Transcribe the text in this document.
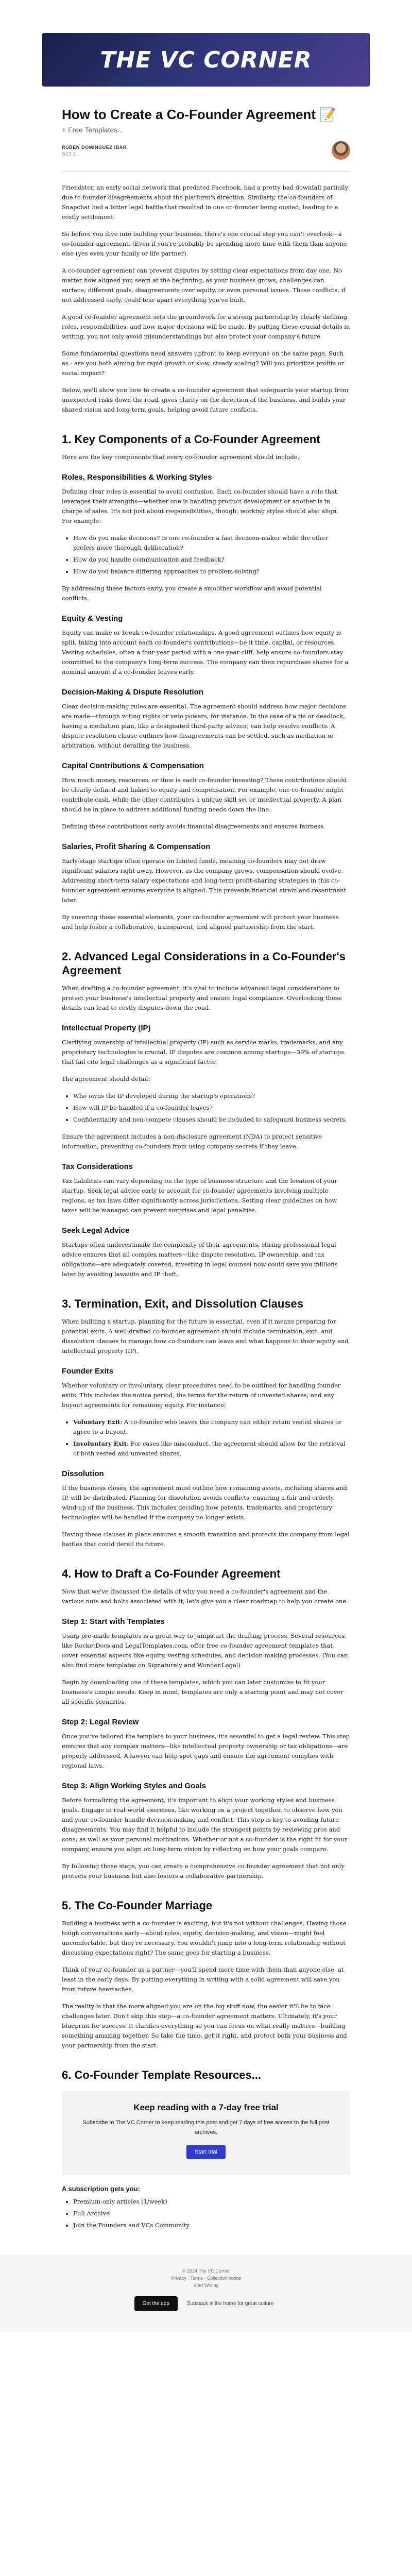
THE VC CORNER
How to Create a Co-Founder Agreement 📝
+ Free Templates...
RUBEN DOMINGUEZ IBAR
OCT 1

Friendster, an early social network that predated Facebook, had a pretty bad downfall partially due to founder disagreements about the platform's direction. Similarly, the co-founders of Snapchat had a bitter legal battle that resulted in one co-founder being ousted, leading to a costly settlement.

So before you dive into building your business, there's one crucial step you can't overlook—a co-founder agreement. (Even if you're probably be spending more time with them than anyone else (yes even your family or life partner).

A co-founder agreement can prevent disputes by setting clear expectations from day one. No matter how aligned you seem at the beginning, as your business grows, challenges can surface; different goals, disagreements over equity, or even personal issues. These conflicts, if not addressed early, could tear apart everything you've built.

A good co-founder agreement sets the groundwork for a strong partnership by clearly defining roles, responsibilities, and how major decisions will be made. By putting these crucial details in writing, you not only avoid misunderstandings but also protect your company's future.

Some fundamental questions need answers upfront to keep everyone on the same page. Such as - are you both aiming for rapid growth or slow, steady scaling? Will you prioritize profits or social impact?

Below, we'll show you how to create a co-founder agreement that safeguards your startup from unexpected risks down the road, gives clarity on the direction of the business, and builds your shared vision and long-term goals, helping avoid future conflicts.

1. Key Components of a Co-Founder Agreement

Here are the key components that every co-founder agreement should include.

Roles, Responsibilities & Working Styles

Defining clear roles is essential to avoid confusion. Each co-founder should have a role that leverages their strengths—whether one is handling product development or another is in charge of sales. It's not just about responsibilities, though; working styles should also align. For example:

• How do you make decisions? Is one co-founder a fast decision-maker while the other prefers more thorough deliberation?
• How do you handle communication and feedback?
• How do you balance differing approaches to problem-solving?

By addressing these factors early, you create a smoother workflow and avoid potential conflicts.

Equity & Vesting

Equity can make or break co-founder relationships. A good agreement outlines how equity is split, taking into account each co-founder's contributions—be it time, capital, or resources. Vesting schedules, often a four-year period with a one-year cliff, help ensure co-founders stay committed to the company's long-term success. The company can then repurchase shares for a nominal amount if a co-founder leaves early.

Decision-Making & Dispute Resolution

Clear decision-making rules are essential. The agreement should address how major decisions are made—through voting rights or veto powers, for instance. In the case of a tie or deadlock, having a mediation plan, like a designated third-party advisor, can help resolve conflicts. A dispute resolution clause outlines how disagreements can be settled, such as mediation or arbitration, without derailing the business.

Capital Contributions & Compensation

How much money, resources, or time is each co-founder investing? These contributions should be clearly defined and linked to equity and compensation. For example, one co-founder might contribute cash, while the other contributes a unique skill set or intellectual property. A plan should be in place to address additional funding needs down the line.

Defining these contributions early avoids financial disagreements and ensures fairness.

Salaries, Profit Sharing & Compensation

Early-stage startups often operate on limited funds, meaning co-founders may not draw significant salaries right away. However, as the company grows, compensation should evolve. Addressing short-term salary expectations and long-term profit-sharing strategies in this co-founder agreement ensures everyone is aligned. This prevents financial strain and resentment later.

By covering these essential elements, your co-founder agreement will protect your business and help foster a collaborative, transparent, and aligned partnership from the start.

2. Advanced Legal Considerations in a Co-Founder's Agreement

When drafting a co-founder agreement, it's vital to include advanced legal considerations to protect your business's intellectual property and ensure legal compliance. Overlooking these details can lead to costly disputes down the road.

Intellectual Property (IP)

Clarifying ownership of intellectual property (IP) such as service marks, trademarks, and any proprietary technologies is crucial. IP disputes are common among startups—39% of startups that fail cite legal challenges as a significant factor.

The agreement should detail:

• Who owns the IP developed during the startup's operations?
• How will IP be handled if a co-founder leaves?
• Confidentiality and non-compete clauses should be included to safeguard business secrets.

Ensure the agreement includes a non-disclosure agreement (NDA) to protect sensitive information, preventing co-founders from using company secrets if they leave.

Tax Considerations

Tax liabilities can vary depending on the type of business structure and the location of your startup. Seek legal advice early to account for co-founder agreements involving multiple regions, as tax laws differ significantly across jurisdictions. Setting clear guidelines on how taxes will be managed can prevent surprises and legal penalties.

Seek Legal Advice

Startups often underestimate the complexity of their agreements. Hiring professional legal advice ensures that all complex matters—like dispute resolution, IP ownership, and tax obligations—are adequately covered, investing in legal counsel now could save you millions later by avoiding lawsuits and IP theft.

3. Termination, Exit, and Dissolution Clauses

When building a startup, planning for the future is essential, even if it means preparing for potential exits. A well-drafted co-founder agreement should include termination, exit, and dissolution clauses to manage how co-founders can leave and what happens to their equity and intellectual property (IP).

Founder Exits

Whether voluntary or involuntary, clear procedures need to be outlined for handling founder exits. This includes the notice period, the terms for the return of unvested shares, and any buyout agreements for remaining equity. For instance:

• Voluntary Exit: A co-founder who leaves the company can either retain vested shares or agree to a buyout.
• Involuntary Exit: For cases like misconduct, the agreement should allow for the retrieval of both vested and unvested shares.
Dissolution

If the business closes, the agreement must outline how remaining assets, including shares and IP, will be distributed. Planning for dissolution avoids conflicts, ensuring a fair and orderly wind-up of the business. This includes deciding how patents, trademarks, and proprietary technologies will be handled if the company no longer exists.

Having these clauses in place ensures a smooth transition and protects the company from legal battles that could derail its future.

4. How to Draft a Co-Founder Agreement

Now that we've discussed the details of why you need a co-founder's agreement and the various nuts and bolts associated with it, let's give you a clear roadmap to help you create one.

Step 1: Start with Templates

Using pre-made templates is a great way to jumpstart the drafting process. Several resources, like RocketDocs and LegalTemplates.com, offer free co-founder agreement templates that cover essential aspects like equity, vesting schedules, and decision-making processes. (You can also find more templates on Signaturely and Wonder.Legal)

Begin by downloading one of these templates, which you can later customize to fit your business's unique needs. Keep in mind, templates are only a starting point and may not cover all specific scenarios.

Step 2: Legal Review

Once you've tailored the template to your business, it's essential to get a legal review. This step ensures that any complex matters—like intellectual property ownership or tax obligations—are properly addressed. A lawyer can help spot gaps and ensure the agreement complies with regional laws.

Step 3: Align Working Styles and Goals

Before formalizing the agreement, it's important to align your working styles and business goals. Engage in real-world exercises, like working on a project together, to observe how you and your co-founder handle decision-making and conflict. This step is key to avoiding future disagreements. You may find it helpful to include the strongest points by reviewing pros and cons, as well as your personal motivations. Whether or not a co-founder is the right fit for your company, ensure you align on long-term vision by reflecting on how your goals compare.

By following these steps, you can create a comprehensive co-founder agreement that not only protects your business but also fosters a collaborative partnership.

5. The Co-Founder Marriage

Building a business with a co-founder is exciting, but it's not without challenges. Having those tough conversations early—about roles, equity, decision-making, and vision—might feel uncomfortable, but they're necessary. You wouldn't jump into a long-term relationship without discussing expectations right? The same goes for starting a business.

Think of your co-founder as a partner—you'll spend more time with them than anyone else, at least in the early days. By putting everything in writing with a solid agreement will save you from future heartaches.

The reality is that the more aligned you are on the big stuff now, the easier it'll be to face challenges later. Don't skip this step—a co-founder agreement matters. Ultimately, it's your blueprint for success. It clarifies everything so you can focus on what really matters—building something amazing together. So take the time, get it right, and protect both your business and your partnership from the start.

6. Co-Founder Template Resources...
Keep reading with a 7-day free trial

Subscribe to The VC Corner to keep reading this post and get 7 days of free access to the full post archives.

Start trial
A subscription gets you:
• Premium-only articles (1/week)
• Full Archive
• Join the Founders and VCs Community
© 2024 The VC Corner
Privacy · Terms · Collection notice
Start Writing
Get the app	Substack is the home for great culture
